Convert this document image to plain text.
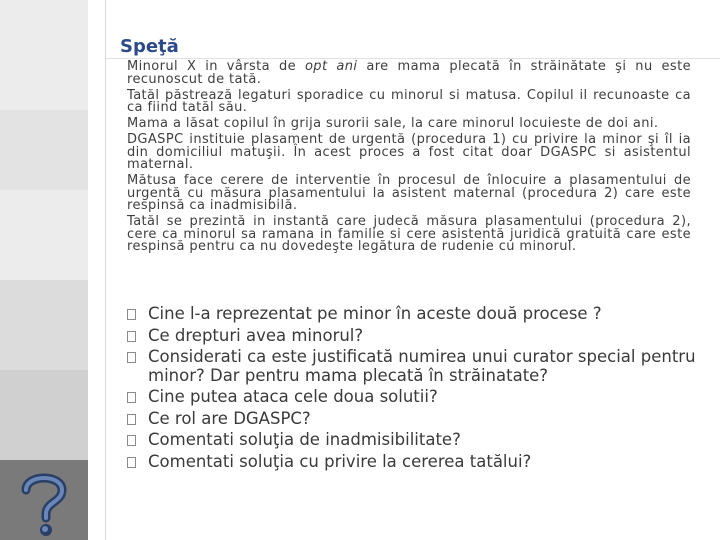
Speţă

Minorul X in vârsta de opt ani are mama plecată în străinătate şi nu este recunoscut de tată.

Tatăl păstrează legaturi sporadice cu minorul si matusa. Copilul il recunoaste ca ca fiind tatăl său.

Mama a lăsat copilul în grija surorii sale, la care minorul locuieste de doi ani.

DGASPC instituie plasament de urgentă (procedura 1) cu privire la minor şi îl ia din domiciliul matuşii. În acest proces a fost citat doar DGASPC si asistentul maternal.

Mătusa face cerere de interventie în procesul de înlocuire a plasamentului de urgentă cu măsura plasamentului la asistent maternal (procedura 2) care este respinsă ca inadmisibilă.

Tatăl se prezintă in instantă care judecă măsura plasamentului (procedura 2), cere ca minorul sa ramana in familie si cere asistentă juridică gratuită care este respinsă pentru ca nu dovedeşte legătura de rudenie cu minorul.

Cine l-a reprezentat pe minor în aceste două procese ?
Ce drepturi avea minorul?
Considerati ca este justificată numirea unui curator special pentru minor? Dar pentru mama plecată în străinatate?
Cine putea ataca cele doua solutii?
Ce rol are DGASPC?
Comentati soluţia de inadmisibilitate?
Comentati soluţia cu privire la cererea tatălui?
